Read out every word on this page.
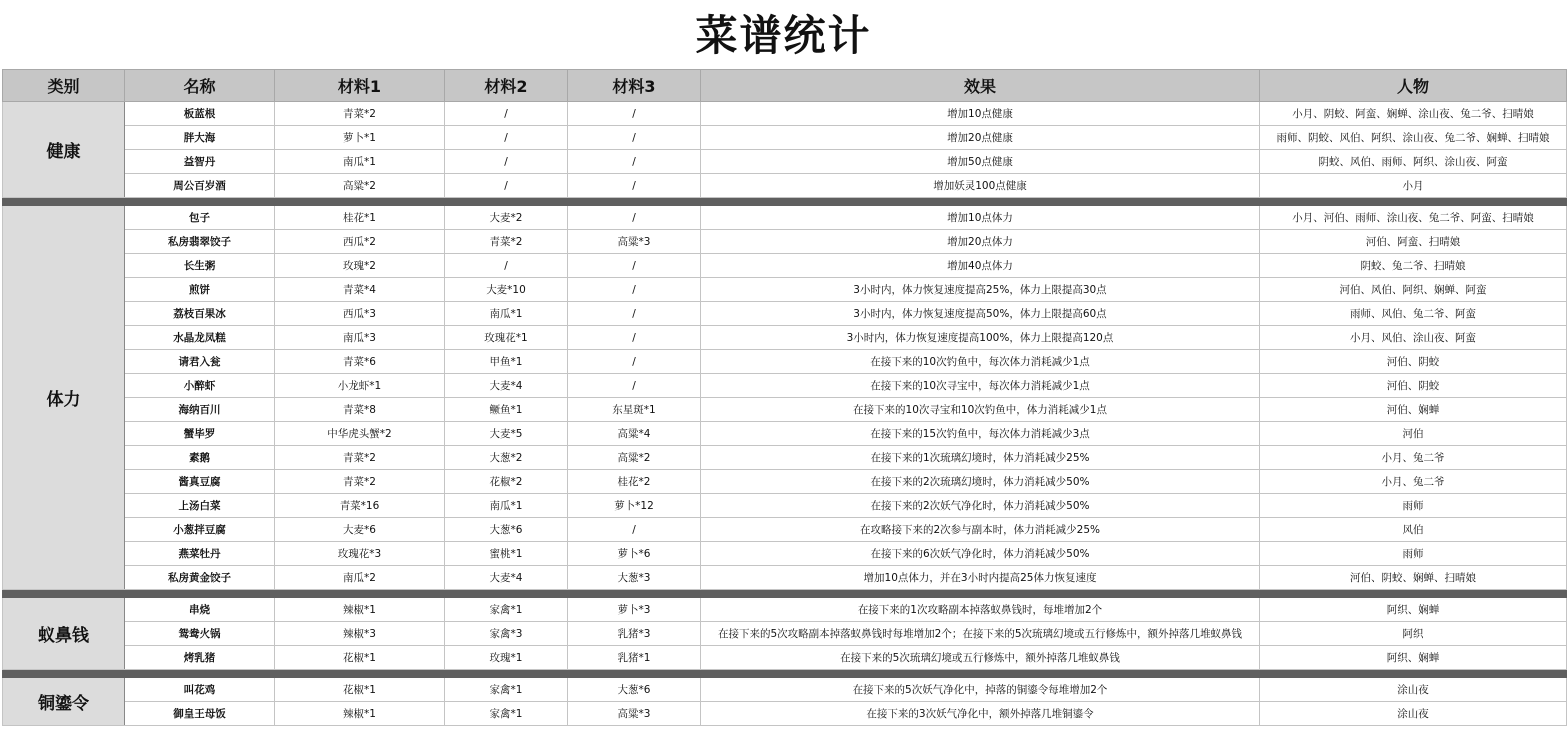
菜谱统计
类别	名称	材料1	材料2	材料3	效果	人物
健康	板蓝根	青菜*2	/	/	增加10点健康	小月、阴蛟、阿蛮、娴蝉、涂山夜、兔二爷、扫晴娘
	胖大海	萝卜*1	/	/	增加20点健康	雨师、阴蛟、风伯、阿织、涂山夜、兔二爷、娴蝉、扫晴娘
	益智丹	南瓜*1	/	/	增加50点健康	阴蛟、风伯、雨师、阿织、涂山夜、阿蛮
	周公百岁酒	高粱*2	/	/	增加妖灵100点健康	小月

体力	包子	桂花*1	大麦*2	/	增加10点体力	小月、河伯、雨师、涂山夜、兔二爷、阿蛮、扫晴娘
	私房翡翠饺子	西瓜*2	青菜*2	高粱*3	增加20点体力	河伯、阿蛮、扫晴娘
	长生粥	玫瑰*2	/	/	增加40点体力	阴蛟、兔二爷、扫晴娘
	煎饼	青菜*4	大麦*10	/	3小时内，体力恢复速度提高25%，体力上限提高30点	河伯、风伯、阿织、娴蝉、阿蛮
	荔枝百果冰	西瓜*3	南瓜*1	/	3小时内，体力恢复速度提高50%，体力上限提高60点	雨师、风伯、兔二爷、阿蛮
	水晶龙凤糕	南瓜*3	玫瑰花*1	/	3小时内，体力恢复速度提高100%，体力上限提高120点	小月、风伯、涂山夜、阿蛮
	请君入瓮	青菜*6	甲鱼*1	/	在接下来的10次钓鱼中，每次体力消耗减少1点	河伯、阴蛟
	小醉虾	小龙虾*1	大麦*4	/	在接下来的10次寻宝中，每次体力消耗减少1点	河伯、阴蛟
	海纳百川	青菜*8	鳜鱼*1	东星斑*1	在接下来的10次寻宝和10次钓鱼中，体力消耗减少1点	河伯、娴蝉
	蟹毕罗	中华虎头蟹*2	大麦*5	高粱*4	在接下来的15次钓鱼中，每次体力消耗减少3点	河伯
	素鹅	青菜*2	大葱*2	高粱*2	在接下来的1次琉璃幻境时，体力消耗减少25%	小月、兔二爷
	酱真豆腐	青菜*2	花椒*2	桂花*2	在接下来的2次琉璃幻境时，体力消耗减少50%	小月、兔二爷
	上汤白菜	青菜*16	南瓜*1	萝卜*12	在接下来的2次妖气净化时，体力消耗减少50%	雨师
	小葱拌豆腐	大麦*6	大葱*6	/	在攻略接下来的2次参与副本时，体力消耗减少25%	风伯
	燕菜牡丹	玫瑰花*3	蜜桃*1	萝卜*6	在接下来的6次妖气净化时，体力消耗减少50%	雨师
	私房黄金饺子	南瓜*2	大麦*4	大葱*3	增加10点体力，并在3小时内提高25体力恢复速度	河伯、阴蛟、娴蝉、扫晴娘

蚁鼻钱	串烧	辣椒*1	家禽*1	萝卜*3	在接下来的1次攻略副本掉落蚁鼻钱时，每堆增加2个	阿织、娴蝉
	鸳鸯火锅	辣椒*3	家禽*3	乳猪*3	在接下来的5次攻略副本掉落蚁鼻钱时每堆增加2个；在接下来的5次琉璃幻境或五行修炼中，额外掉落几堆蚁鼻钱	阿织
	烤乳猪	花椒*1	玫瑰*1	乳猪*1	在接下来的5次琉璃幻境或五行修炼中，额外掉落几堆蚁鼻钱	阿织、娴蝉

铜鎏令	叫花鸡	花椒*1	家禽*1	大葱*6	在接下来的5次妖气净化中，掉落的铜鎏令每堆增加2个	涂山夜
	御皇王母饭	辣椒*1	家禽*1	高粱*3	在接下来的3次妖气净化中，额外掉落几堆铜鎏令	涂山夜
